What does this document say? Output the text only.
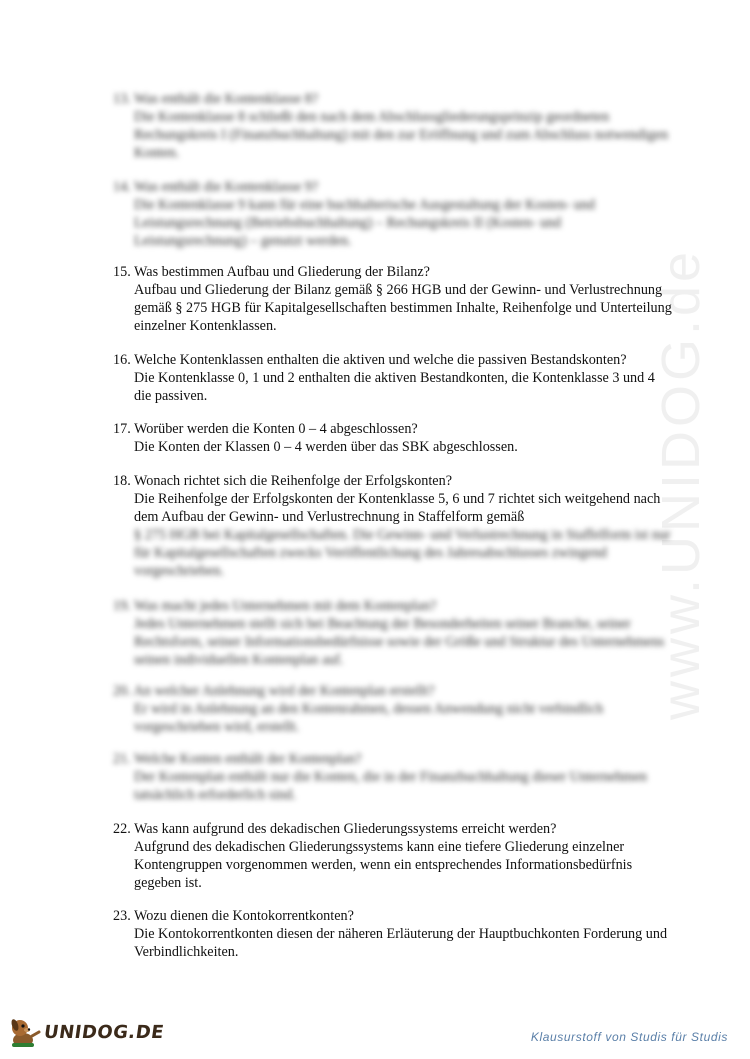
www.UNIDOG.de
13. Was enthält die Kontenklasse 8?
Die Kontenklasse 8 schließt den nach dem Abschlussgliederungsprinzip geordneten Rechungskreis I (Finanzbuchhaltung) mit den zur Eröffnung und zum Abschluss notwendigen Konten.
14. Was enthält die Kontenklasse 9?
Die Kontenklasse 9 kann für eine buchhalterische Ausgestaltung der Kosten- und Leistungsrechnung (Betriebsbuchhaltung) – Rechungskreis II (Kosten- und Leistungsrechnung) – genutzt werden.
15. Was bestimmen Aufbau und Gliederung der Bilanz?
Aufbau und Gliederung der Bilanz gemäß § 266 HGB und der Gewinn- und Verlustrechnung gemäß § 275 HGB für Kapitalgesellschaften bestimmen Inhalte, Reihenfolge und Unterteilung einzelner Kontenklassen.
16. Welche Kontenklassen enthalten die aktiven und welche die passiven Bestandskonten?
Die Kontenklasse 0, 1 und 2 enthalten die aktiven Bestandkonten, die Kontenklasse 3 und 4 die passiven.
17. Worüber werden die Konten 0 – 4 abgeschlossen?
Die Konten der Klassen 0 – 4 werden über das SBK abgeschlossen.
18. Wonach richtet sich die Reihenfolge der Erfolgskonten?
Die Reihenfolge der Erfolgskonten der Kontenklasse 5, 6 und 7 richtet sich weitgehend nach dem Aufbau der Gewinn- und Verlustrechnung in Staffelform gemäß
§ 275 HGB bei Kapitalgesellschaften. Die Gewinn- und Verlustrechnung in Staffelform ist nur für Kapitalgesellschaften zwecks Veröffentlichung des Jahresabschlusses zwingend vorgeschrieben.
19. Was macht jedes Unternehmen mit dem Kontenplan?
Jedes Unternehmen stellt sich bei Beachtung der Besonderheiten seiner Branche, seiner Rechtsform, seiner Informationsbedürfnisse sowie der Größe und Struktur des Unternehmens seinen individuellen Kontenplan auf.
20. An welcher Anlehnung wird der Kontenplan erstellt?
Er wird in Anlehnung an den Kontenrahmen, dessen Anwendung nicht verbindlich vorgeschrieben wird, erstellt.
21. Welche Konten enthält der Kontenplan?
Der Kontenplan enthält nur die Konten, die in der Finanzbuchhaltung dieser Unternehmen tatsächlich erforderlich sind.
22. Was kann aufgrund des dekadischen Gliederungssystems erreicht werden?
Aufgrund des dekadischen Gliederungssystems kann eine tiefere Gliederung einzelner Kontengruppen vorgenommen werden, wenn ein entsprechendes Informationsbedürfnis gegeben ist.
23. Wozu dienen die Kontokorrentkonten?
Die Kontokorrentkonten diesen der näheren Erläuterung der Hauptbuchkonten Forderung und Verbindlichkeiten.
UNIDOG.DE	Klausurstoff von Studis für Studis
